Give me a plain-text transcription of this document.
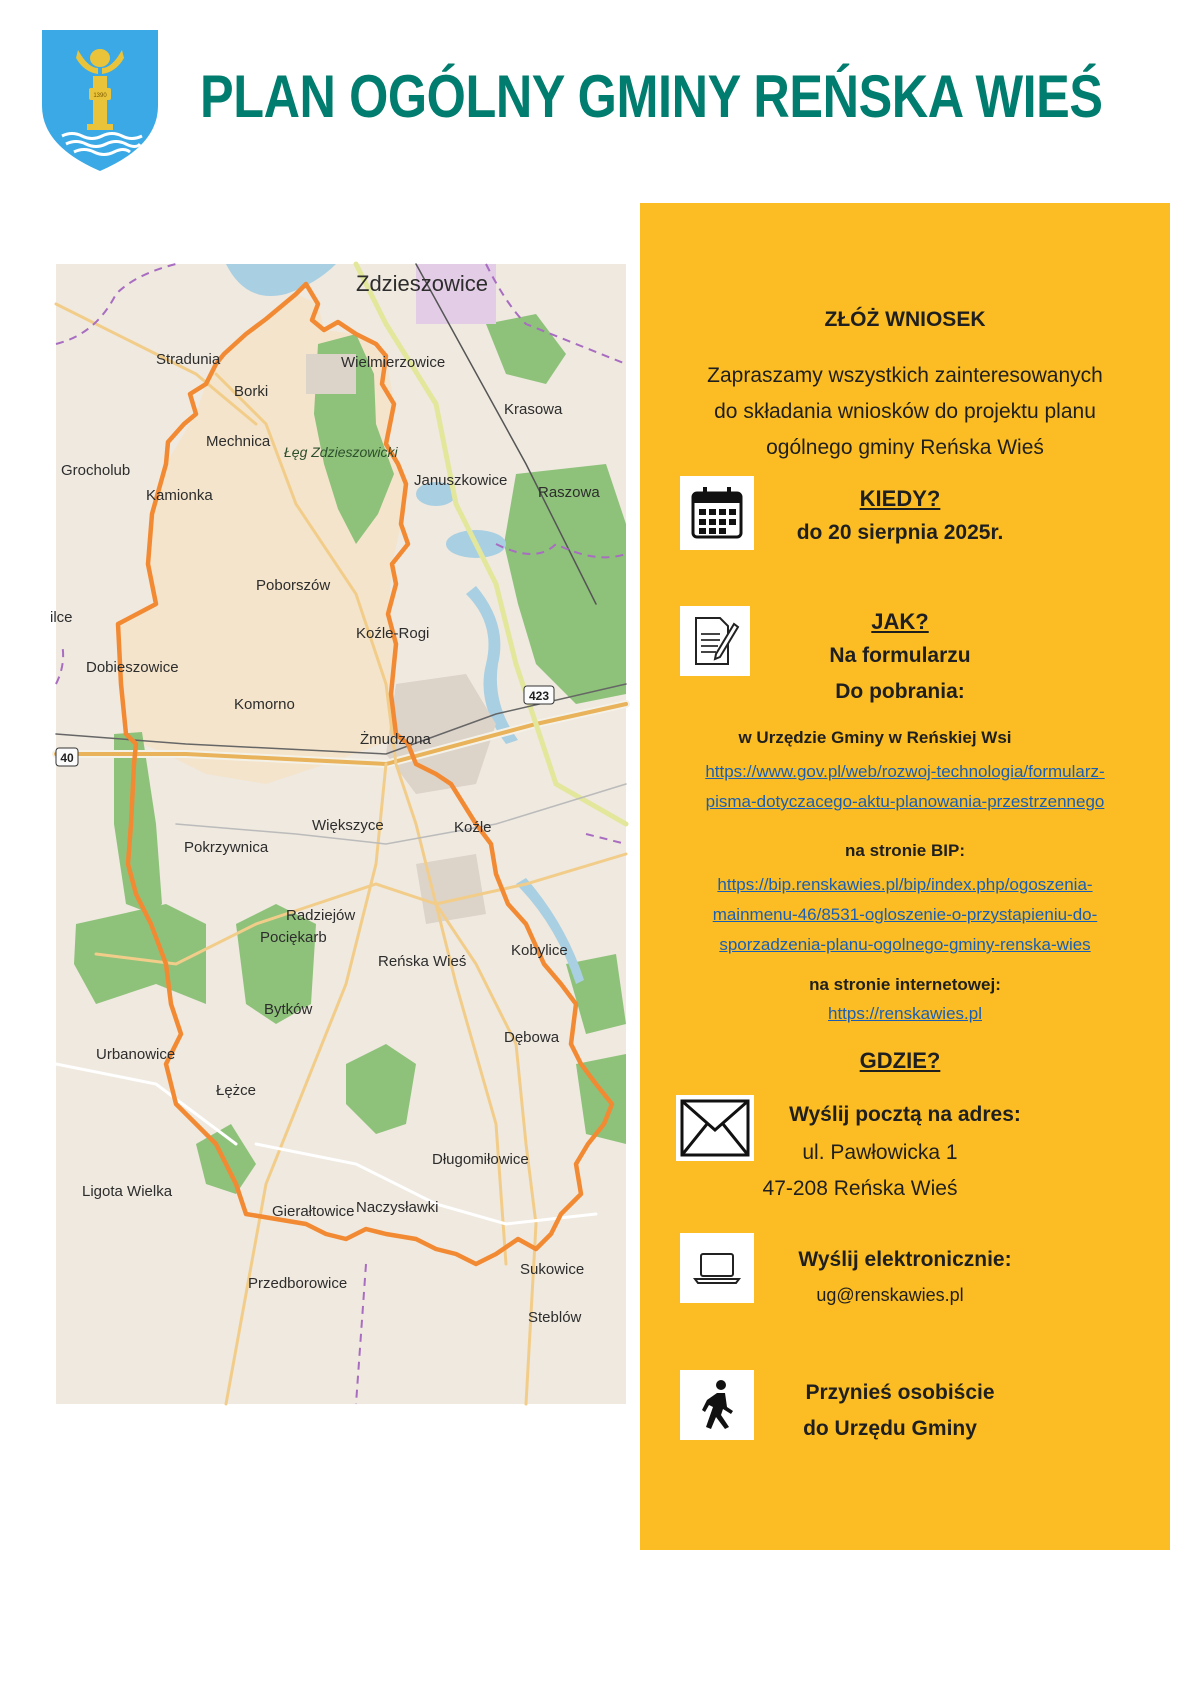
1390 PLAN OGÓLNY GMINY REŃSKA WIEŚ
423
40
Zdzieszowice
Stradunia	Wielmierzowice
Borki
Krasowa
Mechnica
Łęg Zdzieszowicki
Grocholub
Januszkowice
Raszowa
Kamionka
Poborszów
ilce
Koźle-Rogi
Dobieszowice
Komorno
Żmudzona
Większyce	Koźle
Pokrzywnica
Radziejów
Pociękarb
Reńska Wieś
Kobylice
Bytków
Dębowa
Urbanowice
Łężce
Długomiłowice
Ligota Wielka
Gierałtowice Naczysławki
Sukowice
Przedborowice
Steblów
ZŁÓŻ WNIOSEK
Zapraszamy wszystkich zainteresowanych
do składania wniosków do projektu planu
ogólnego gminy Reńska Wieś
KIEDY?
do 20 sierpnia 2025r.
JAK?
Na formularzu
Do pobrania:
w Urzędzie Gminy w Reńskiej Wsi
https://www.gov.pl/web/rozwoj-technologia/formularz-
pisma-dotyczacego-aktu-planowania-przestrzennego
na stronie BIP:
https://bip.renskawies.pl/bip/index.php/ogoszenia-
mainmenu-46/8531-ogloszenie-o-przystapieniu-do-
sporzadzenia-planu-ogolnego-gminy-renska-wies
na stronie internetowej:
https://renskawies.pl
GDZIE?
Wyślij pocztą na adres:
ul. Pawłowicka 1
47-208 Reńska Wieś
Wyślij elektronicznie:
ug@renskawies.pl
Przynieś osobiście
do Urzędu Gminy
